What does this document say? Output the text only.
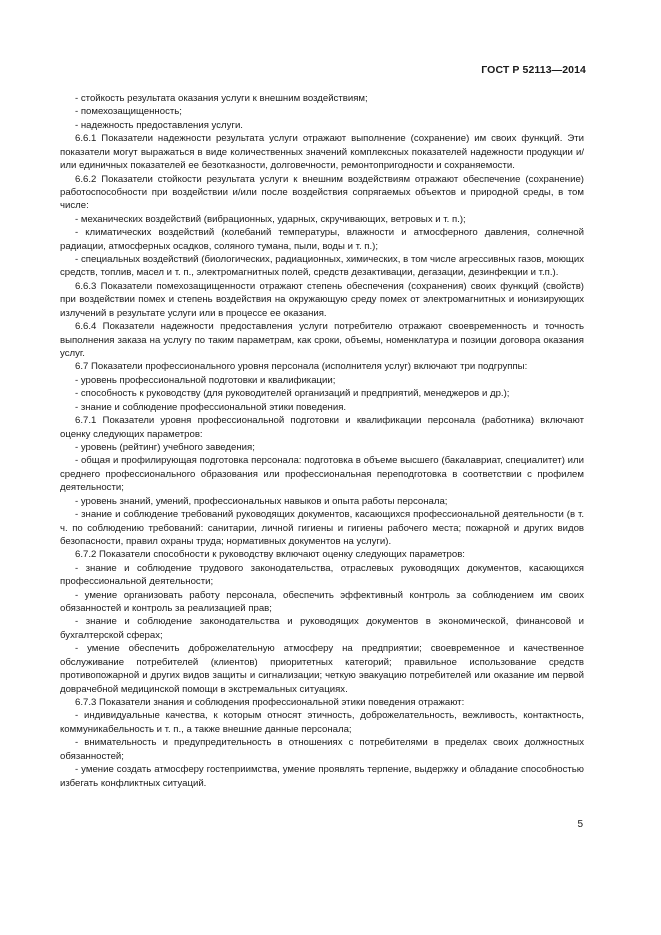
ГОСТ Р 52113—2014

- стойкость результата оказания услуги к внешним воздействиям;

- помехозащищенность;

- надежность предоставления услуги.

6.6.1 Показатели надежности результата услуги отражают выполнение (сохранение) им своих функций. Эти показатели могут выражаться в виде количественных значений комплексных показателей надежности продукции и/или единичных показателей ее безотказности, долговечности, ремонтопригодности и сохраняемости.

6.6.2 Показатели стойкости результата услуги к внешним воздействиям отражают обеспечение (сохранение) работоспособности при воздействии и/или после воздействия сопрягаемых объектов и природной среды, в том числе:

- механических воздействий (вибрационных, ударных, скручивающих, ветровых и т. п.);

- климатических воздействий (колебаний температуры, влажности и атмосферного давления, солнечной радиации, атмосферных осадков, соляного тумана, пыли, воды и т. п.);

- специальных воздействий (биологических, радиационных, химических, в том числе агрессивных газов, моющих средств, топлив, масел и т. п., электромагнитных полей, средств дезактивации, дегазации, дезинфекции и т.п.).

6.6.3 Показатели помехозащищенности отражают степень обеспечения (сохранения) своих функций (свойств) при воздействии помех и степень воздействия на окружающую среду помех от электромагнитных и ионизирующих излучений в результате услуги или в процессе ее оказания.

6.6.4 Показатели надежности предоставления услуги потребителю отражают своевременность и точность выполнения заказа на услугу по таким параметрам, как сроки, объемы, номенклатура и позиции договора оказания услуг.

6.7 Показатели профессионального уровня персонала (исполнителя услуг) включают три подгруппы:

- уровень профессиональной подготовки и квалификации;

- способность к руководству (для руководителей организаций и предприятий, менеджеров и др.);

- знание и соблюдение профессиональной этики поведения.

6.7.1 Показатели уровня профессиональной подготовки и квалификации персонала (работника) включают оценку следующих параметров:

- уровень (рейтинг) учебного заведения;

- общая и профилирующая подготовка персонала: подготовка в объеме высшего (бакалавриат, специалитет) или среднего профессионального образования или профессиональная переподготовка в соответствии с профилем деятельности;

- уровень знаний, умений, профессиональных навыков и опыта работы персонала;

- знание и соблюдение требований руководящих документов, касающихся профессиональной деятельности (в т. ч. по соблюдению требований: санитарии, личной гигиены и гигиены рабочего места; пожарной и других видов безопасности, правил охраны труда; нормативных документов на услуги).

6.7.2 Показатели способности к руководству включают оценку следующих параметров:

- знание и соблюдение трудового законодательства, отраслевых руководящих документов, касающихся профессиональной деятельности;

- умение организовать работу персонала, обеспечить эффективный контроль за соблюдением им своих обязанностей и контроль за реализацией прав;

- знание и соблюдение законодательства и руководящих документов в экономической, финансовой и бухгалтерской сферах;

- умение обеспечить доброжелательную атмосферу на предприятии; своевременное и качественное обслуживание потребителей (клиентов) приоритетных категорий; правильное использование средств противопожарной и других видов защиты и сигнализации; четкую эвакуацию потребителей или оказание им первой доврачебной медицинской помощи в экстремальных ситуациях.

6.7.3 Показатели знания и соблюдения профессиональной этики поведения отражают:

- индивидуальные качества, к которым относят этичность, доброжелательность, вежливость, контактность, коммуникабельность и т. п., а также внешние данные персонала;

- внимательность и предупредительность в отношениях с потребителями в пределах своих должностных обязанностей;

- умение создать атмосферу гостеприимства, умение проявлять терпение, выдержку и обладание способностью избегать конфликтных ситуаций.

5
